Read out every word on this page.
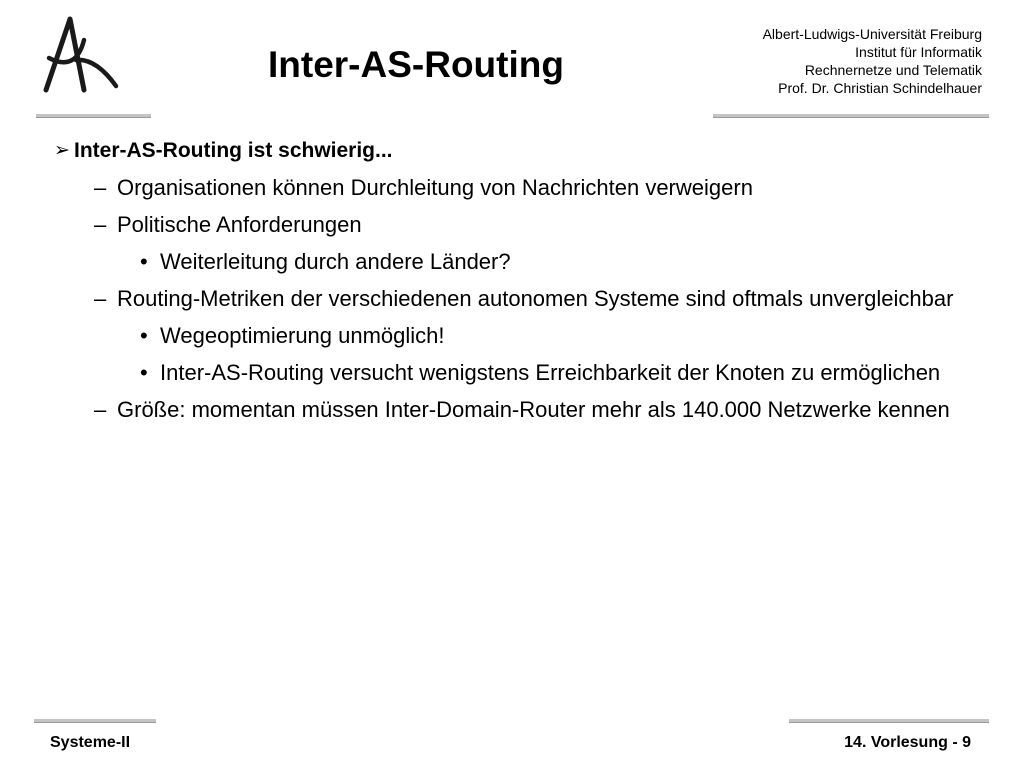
Inter-AS-Routing
Albert-Ludwigs-Universität Freiburg
Institut für Informatik
Rechnernetze und Telematik
Prof. Dr. Christian Schindelhauer
➢ Inter-AS-Routing ist schwierig...
– Organisationen können Durchleitung von Nachrichten verweigern
– Politische Anforderungen
• Weiterleitung durch andere Länder?
– Routing-Metriken der verschiedenen autonomen Systeme sind oftmals unvergleichbar
• Wegeoptimierung unmöglich!
• Inter-AS-Routing versucht wenigstens Erreichbarkeit der Knoten zu ermöglichen
– Größe: momentan müssen Inter-Domain-Router mehr als 140.000 Netzwerke kennen
Systeme-II	14. Vorlesung - 9
